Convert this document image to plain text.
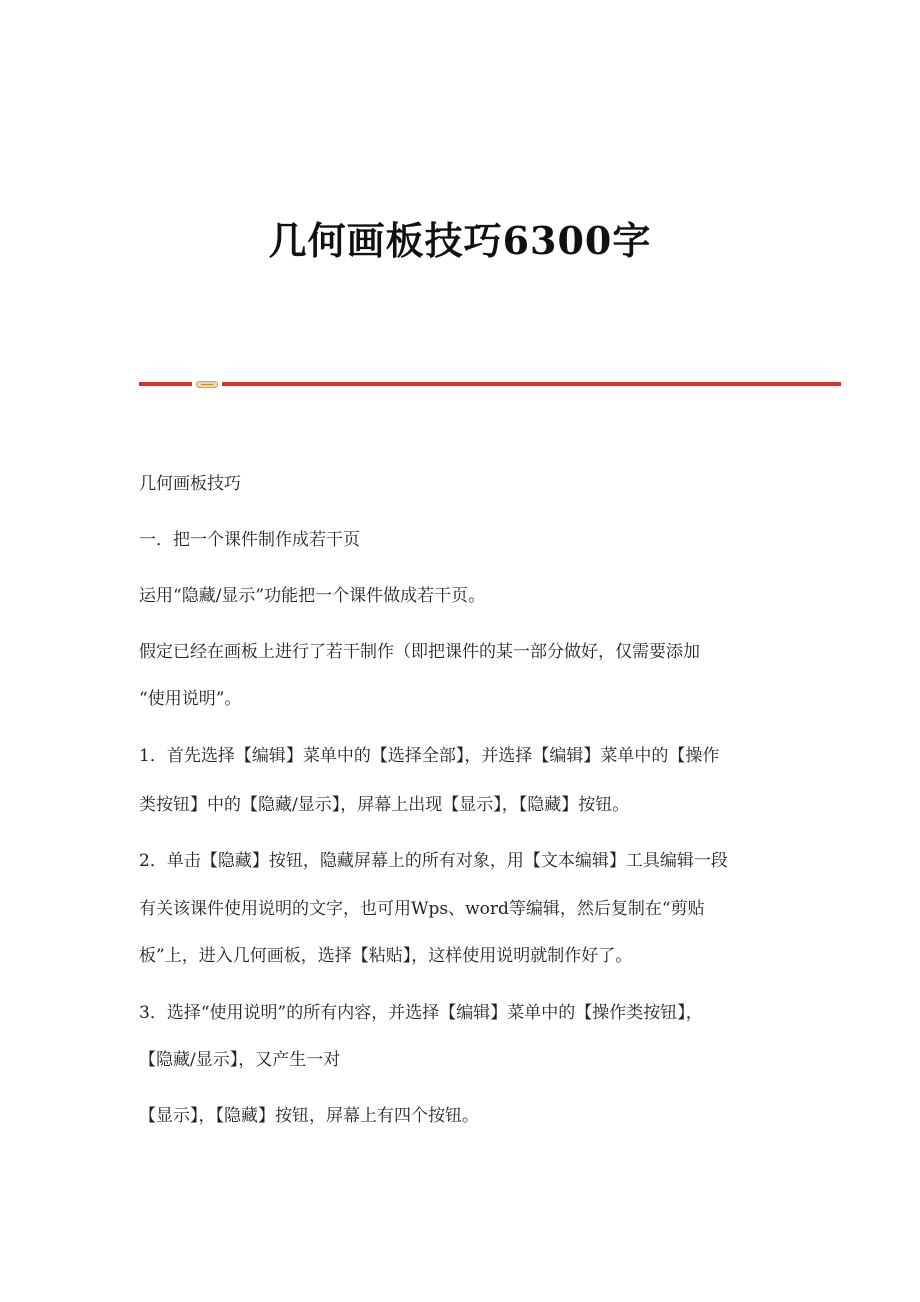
几何画板技巧6300字
几何画板技巧
一．把一个课件制作成若干页
运用“隐藏/显示”功能把一个课件做成若干页。
假定已经在画板上进行了若干制作（即把课件的某一部分做好，仅需要添加
“使用说明”。
1．首先选择【编辑】菜单中的【选择全部】，并选择【编辑】菜单中的【操作
类按钮】中的【隐藏/显示】，屏幕上出现【显示】，【隐藏】按钮。
2．单击【隐藏】按钮，隐藏屏幕上的所有对象，用【文本编辑】工具编辑一段
有关该课件使用说明的文字，也可用Wps、word等编辑，然后复制在“剪贴
板”上，进入几何画板，选择【粘贴】，这样使用说明就制作好了。
3．选择“使用说明”的所有内容，并选择【编辑】菜单中的【操作类按钮】，
【隐藏/显示】，又产生一对
【显示】，【隐藏】按钮，屏幕上有四个按钮。
